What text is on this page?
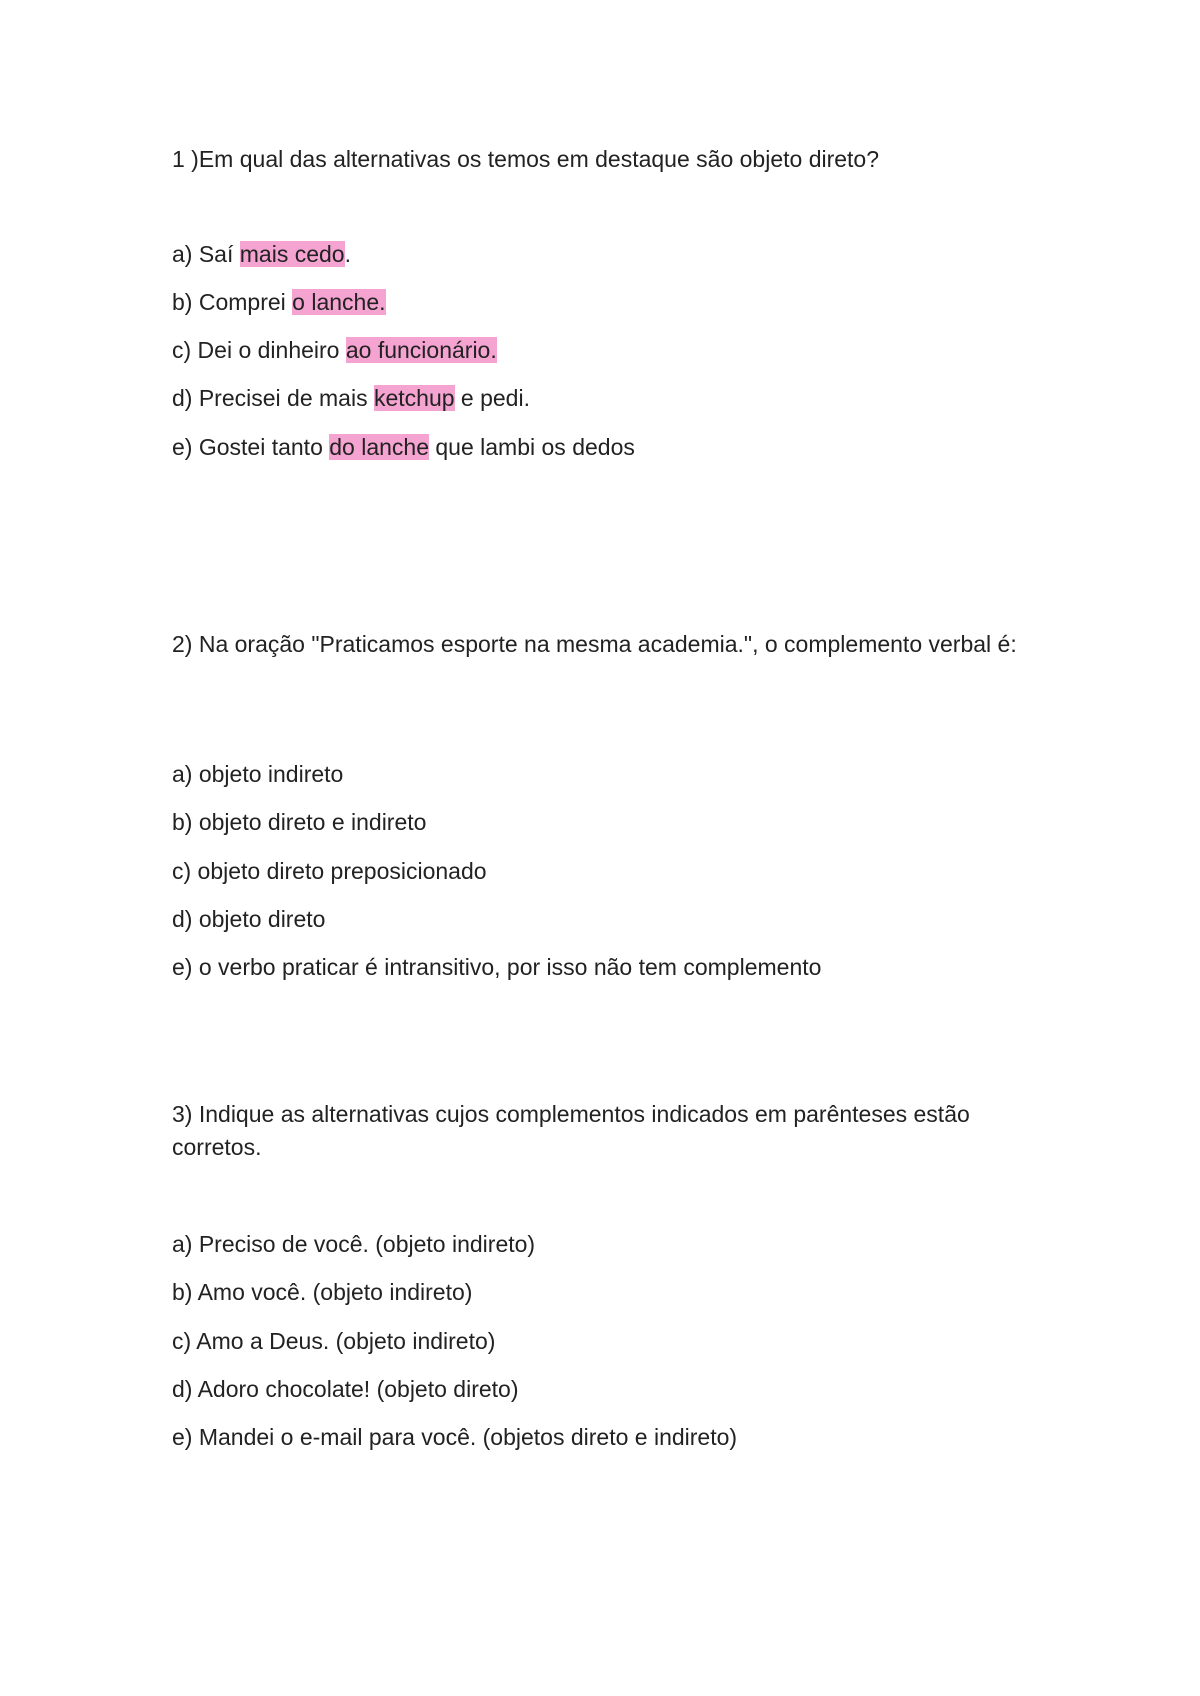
1 )Em qual das alternativas os temos em destaque são objeto direto?
a) Saí mais cedo.
b) Comprei o lanche.
c) Dei o dinheiro ao funcionário.
d) Precisei de mais ketchup e pedi.
e) Gostei tanto do lanche que lambi os dedos
2) Na oração "Praticamos esporte na mesma academia.", o complemento verbal é:
a) objeto indireto
b) objeto direto e indireto
c) objeto direto preposicionado
d) objeto direto
e) o verbo praticar é intransitivo, por isso não tem complemento
3) Indique as alternativas cujos complementos indicados em parênteses estão corretos.
a) Preciso de você. (objeto indireto)
b) Amo você. (objeto indireto)
c) Amo a Deus. (objeto indireto)
d) Adoro chocolate! (objeto direto)
e) Mandei o e-mail para você. (objetos direto e indireto)
